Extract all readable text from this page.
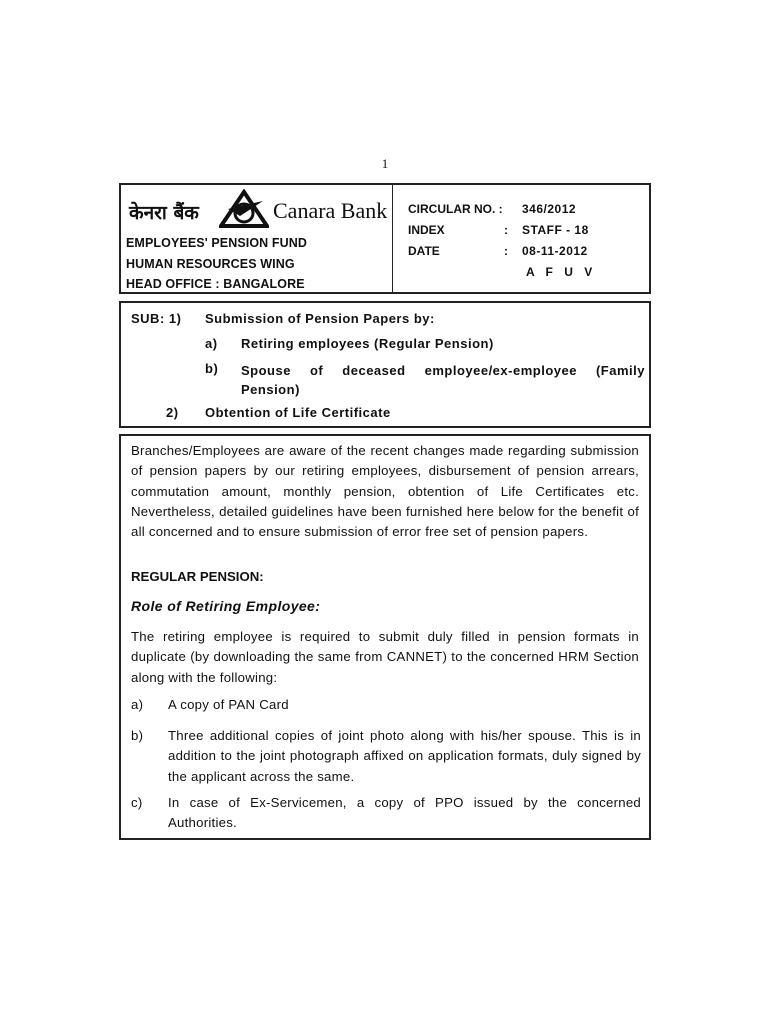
1
केनरा बैंक	Canara Bank
EMPLOYEES' PENSION FUND
HUMAN RESOURCES WING
HEAD OFFICE : BANGALORE
CIRCULAR NO. : 346/2012
INDEX	: STAFF - 18
DATE	: 08-11-2012
A F U V
SUB: 1) Submission of Pension Papers by:
a) Retiring employees (Regular Pension)
b) Spouse of deceased employee/ex-employee (Family Pension)
2) Obtention of Life Certificate
Branches/Employees are aware of the recent changes made regarding submission of pension papers by our retiring employees, disbursement of pension arrears, commutation amount, monthly pension, obtention of Life Certificates etc. Nevertheless, detailed guidelines have been furnished here below for the benefit of all concerned and to ensure submission of error free set of pension papers.
REGULAR PENSION:
Role of Retiring Employee:
The retiring employee is required to submit duly filled in pension formats in duplicate (by downloading the same from CANNET) to the concerned HRM Section along with the following:
a) A copy of PAN Card
b) Three additional copies of joint photo along with his/her spouse. This is in addition to the joint photograph affixed on application formats, duly signed by the applicant across the same.
c) In case of Ex-Servicemen, a copy of PPO issued by the concerned Authorities.
